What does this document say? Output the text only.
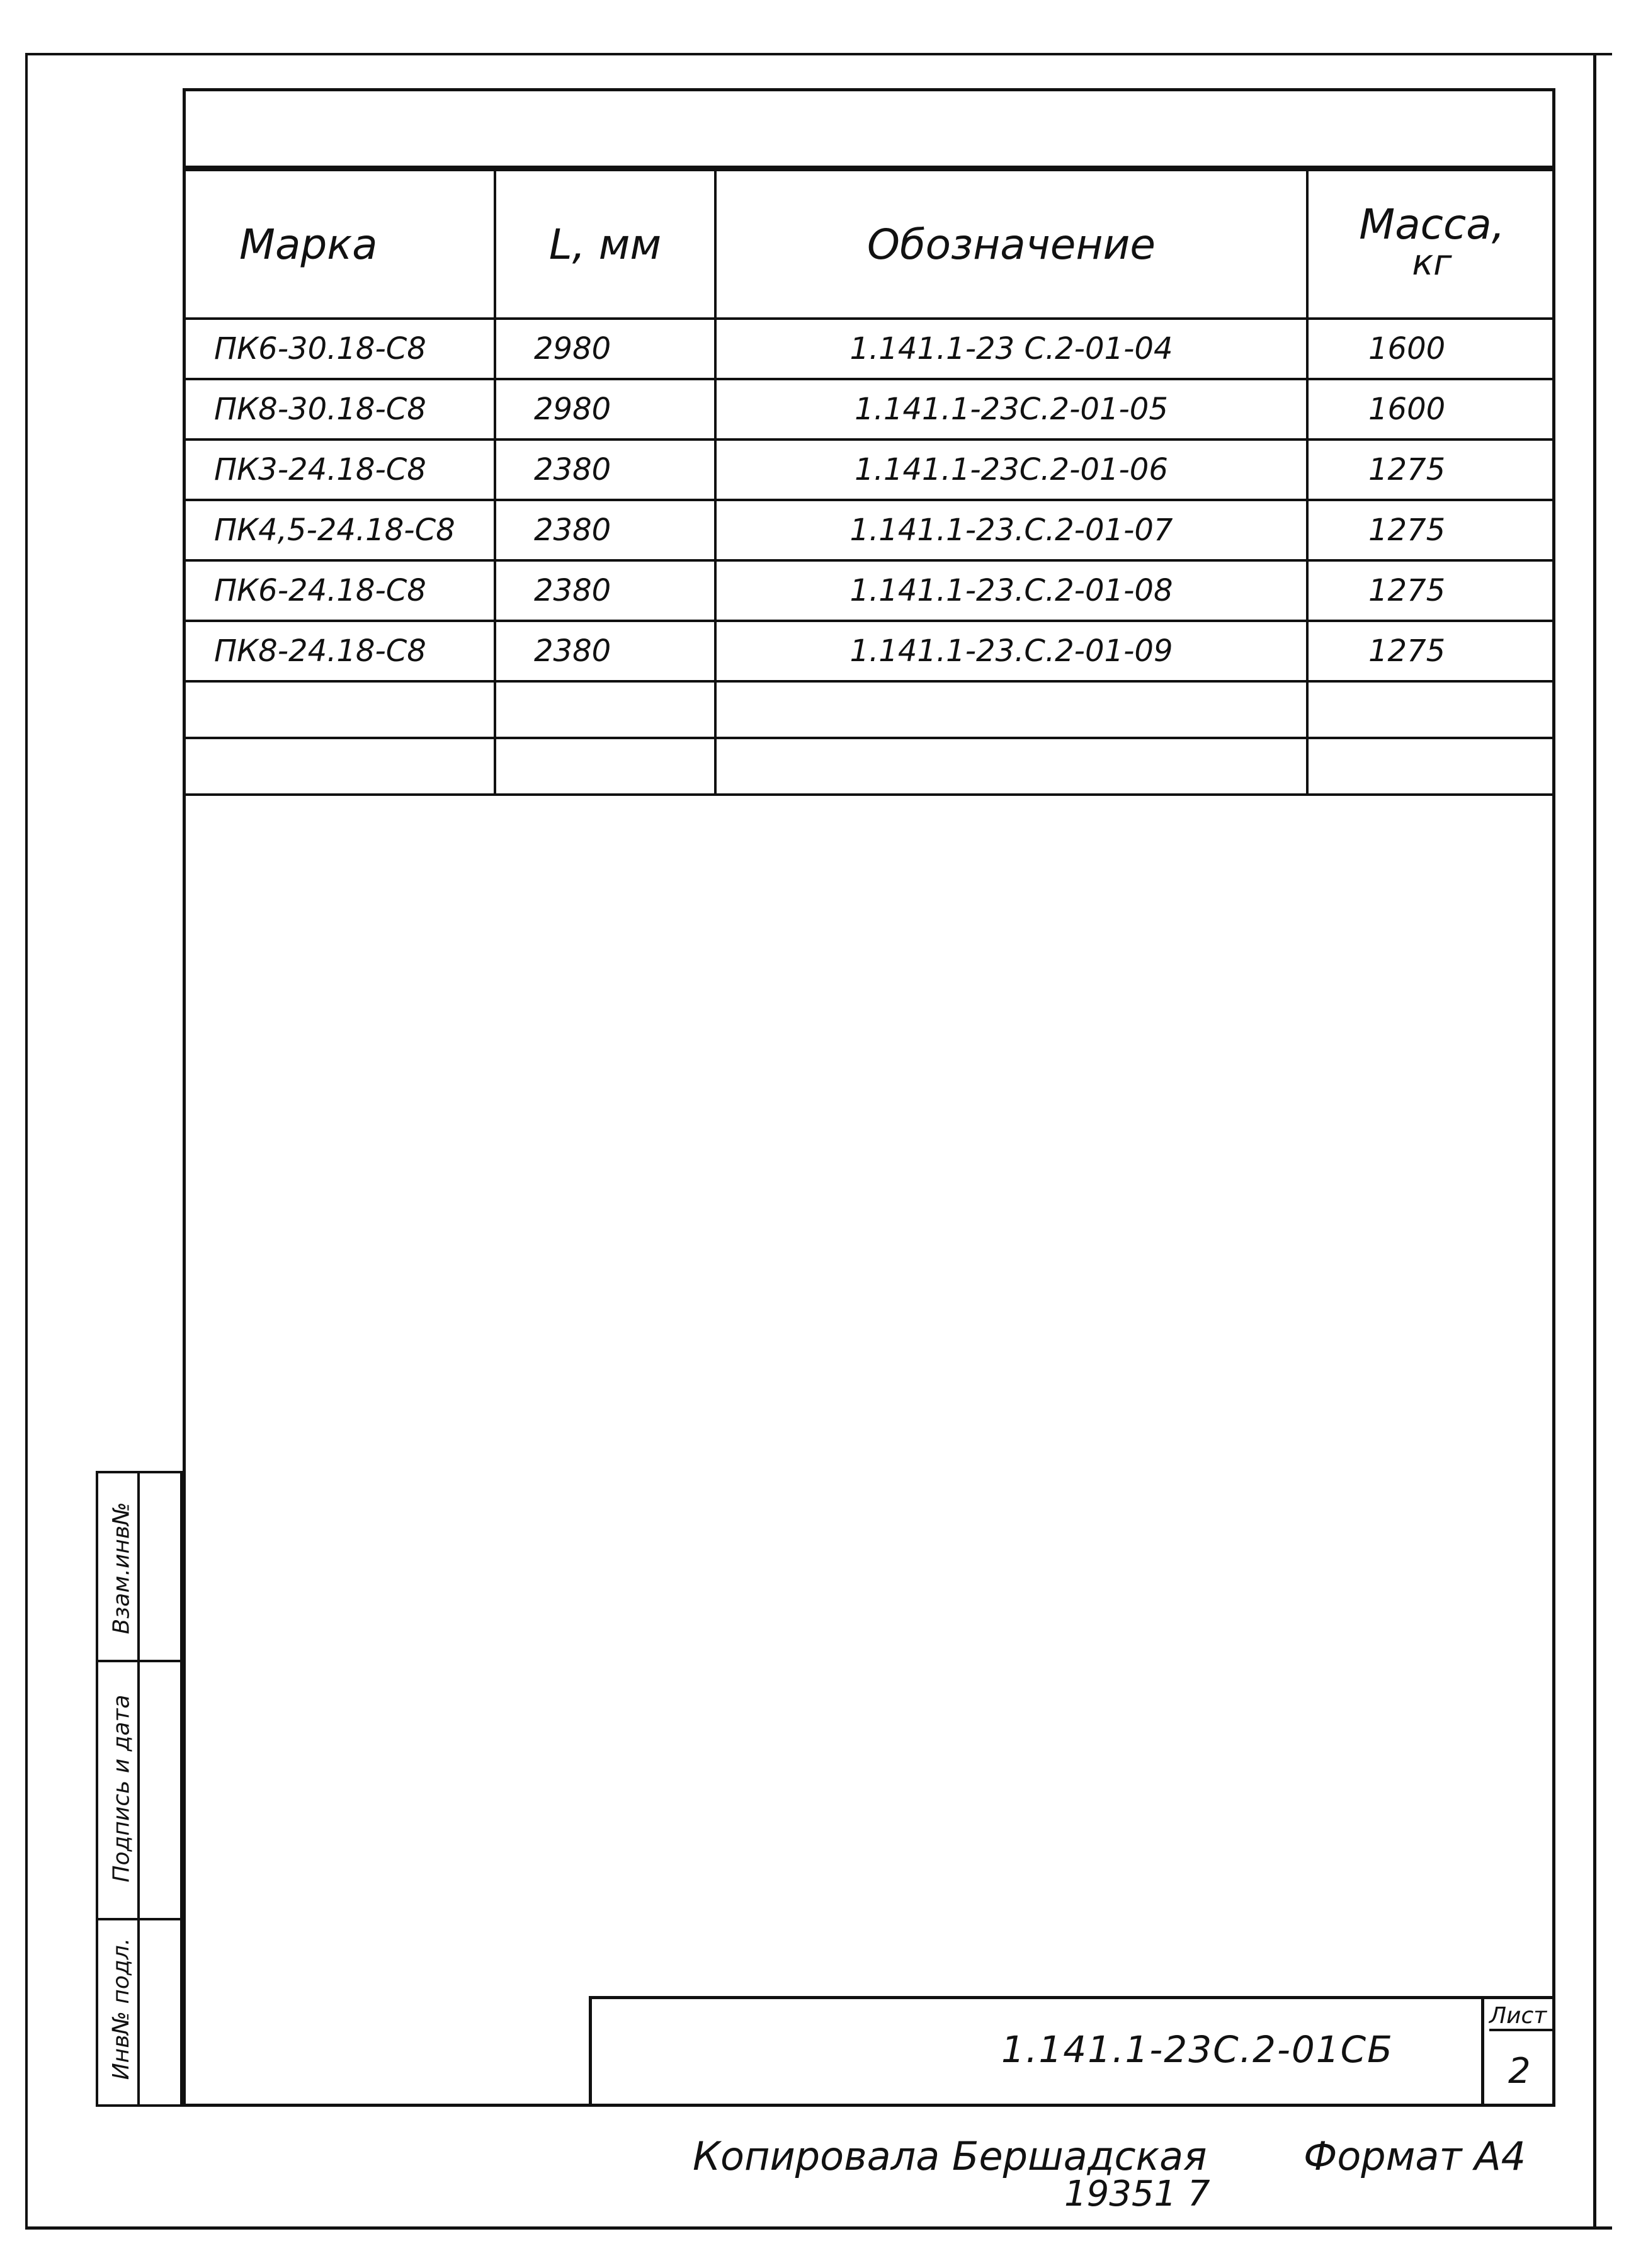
Марка	L, мм	Обозначение	Масса,
кг

ПК6-30.18-С8	2980	1.141.1-23 С.2-01-04	1600
ПК8-30.18-С8	2980	1.141.1-23С.2-01-05	1600
ПК3-24.18-С8	2380	1.141.1-23С.2-01-06	1275
ПК4,5-24.18-С8	2380	1.141.1-23.С.2-01-07	1275
ПК6-24.18-С8	2380	1.141.1-23.С.2-01-08	1275
ПК8-24.18-С8	2380	1.141.1-23.С.2-01-09	1275

Взам.инв№
Подпись и дата
Инв№ подл.	1.141.1-23С.2-01СБ
Лист
2
Копировала Бершадская
19351 7
Формат А4
